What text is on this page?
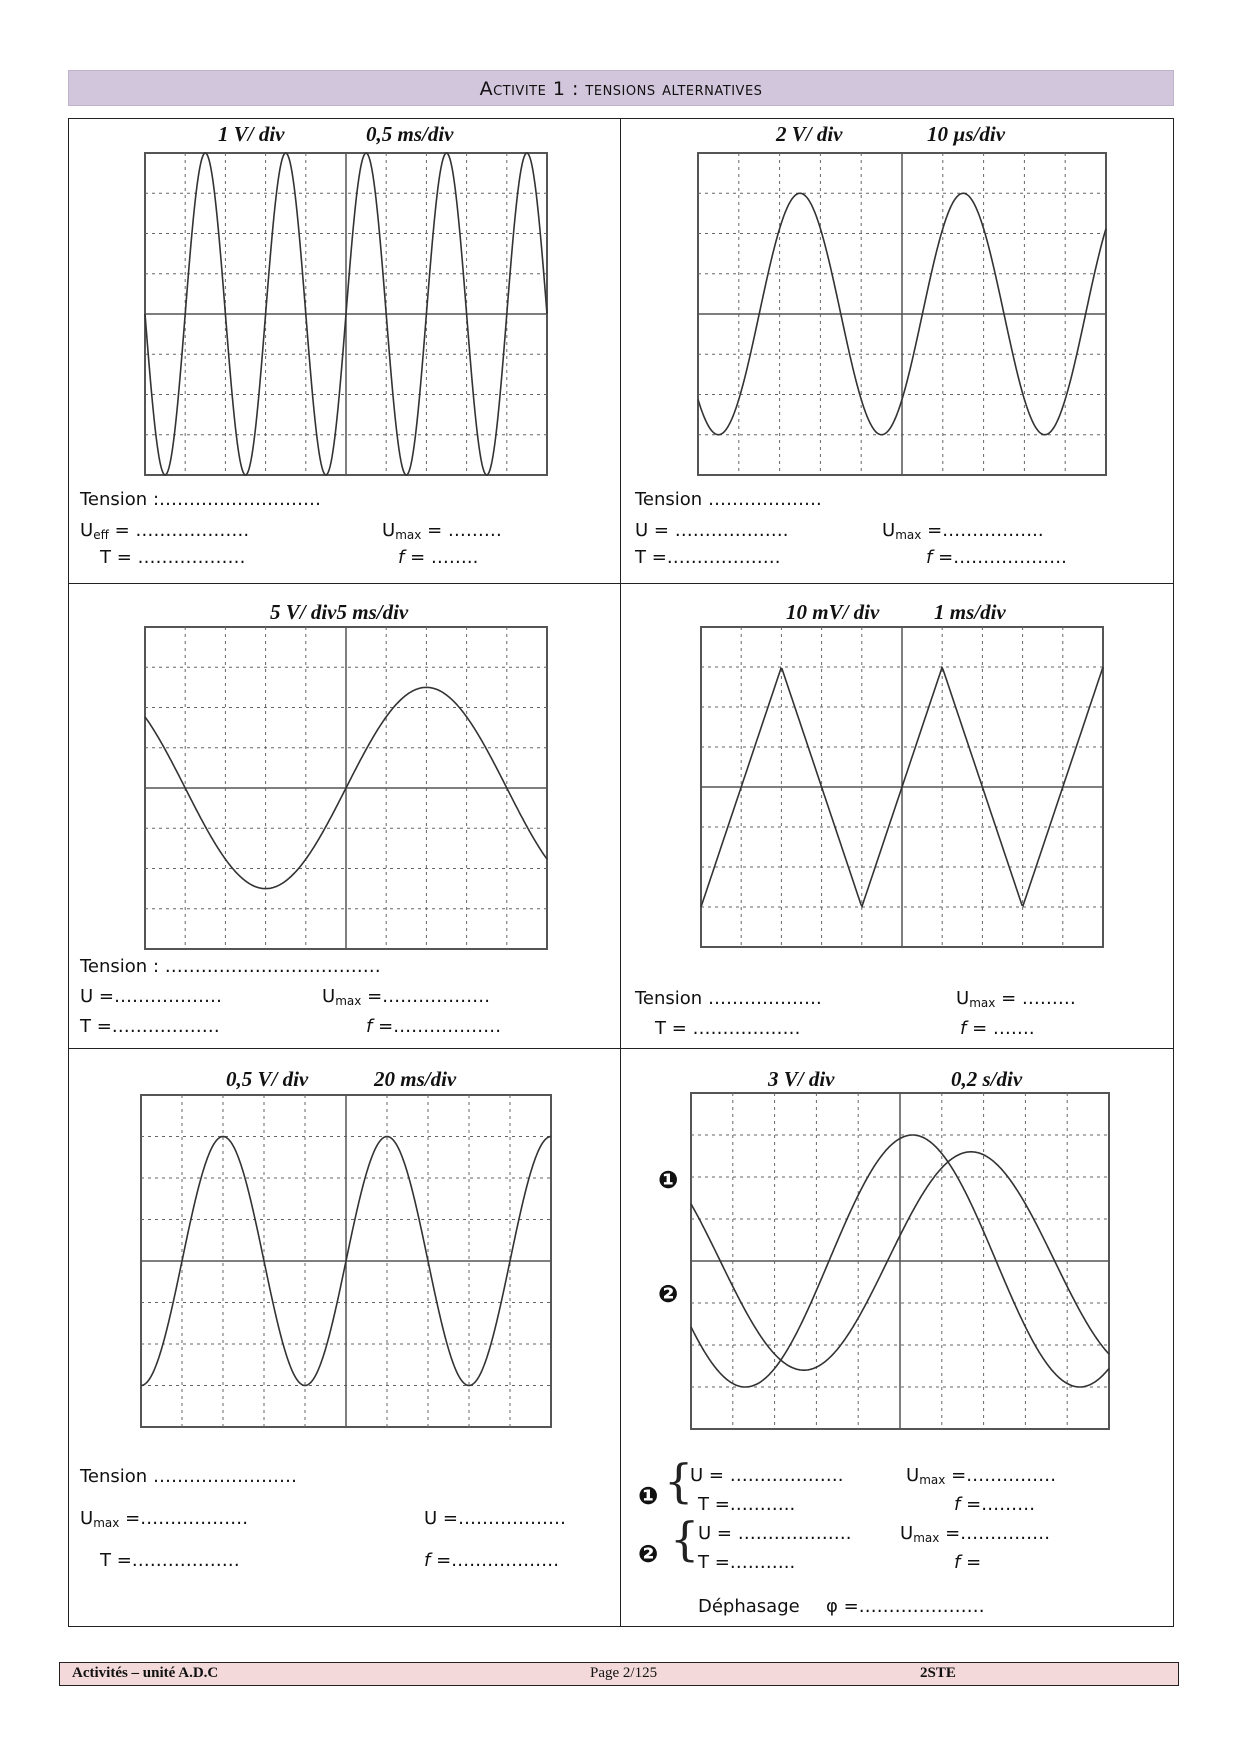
Activite 1 : tensions alternatives
1 V/ div	0,5 ms/div
Tension :………………………
$U_{eff}$ = ……………….	$U_{max}$ = ………
T = ………………	f = ……..
2 V/ div	10 µs/div
Tension ……………….
U = ……………….	$U_{max}$ =……………..
T =……………….	f =……………….
5 V/ div5 ms/div
Tension : ………………………………
U =………………	$U_{max}$ =………………
T =………………	f =………………
10 mV/ div	1 ms/div
Tension ……………….	$U_{max}$ = ………
T = ………………	f = …….
0,5 V/ div	20 ms/div
Tension ……………………
$U_{max}$ =………………	U =………………
T =………………	f =………………
3 V/ div	0,2 s/div
❶
❷
❶ {
U = ……………….	$U_{max}$ =……………
T =………..	f =………
❷ {
U = ……………….	$U_{max}$ =……………
T =………..	f =
Déphasage φ =…………………
Activités – unité A.D.C	Page 2/125	2STE
